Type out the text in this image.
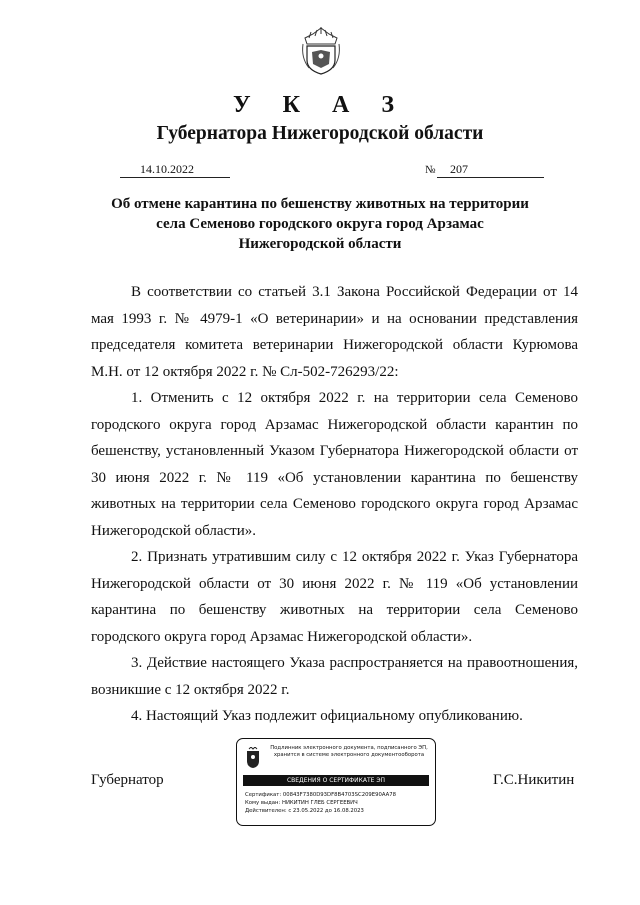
У К А З
Губернатора Нижегородской области
14.10.2022	№ 207
Об отмене карантина по бешенству животных на территории
села Семеново городского округа город Арзамас
Нижегородской области

В соответствии со статьей 3.1 Закона Российской Федерации от 14 мая 1993 г. № 4979-1 «О ветеринарии» и на основании представления председателя комитета ветеринарии Нижегородской области Курюмова М.Н. от 12 октября 2022 г. № Сл-502-726293/22:

1. Отменить с 12 октября 2022 г. на территории села Семеново городского округа город Арзамас Нижегородской области карантин по бешенству, установленный Указом Губернатора Нижегородской области от 30 июня 2022 г. № 119 «Об установлении карантина по бешенству животных на территории села Семеново городского округа город Арзамас Нижегородской области».

2. Признать утратившим силу с 12 октября 2022 г. Указ Губернатора Нижегородской области от 30 июня 2022 г. № 119 «Об установлении карантина по бешенству животных на территории села Семеново городского округа город Арзамас Нижегородской области».

3. Действие настоящего Указа распространяется на правоотношения, возникшие с 12 октября 2022 г.

4. Настоящий Указ подлежит официальному опубликованию.

Губернатор	Г.С.Никитин
Подлинник электронного документа, подписанного ЭП,
хранится в системе электронного документооборота
СВЕДЕНИЯ О СЕРТИФИКАТЕ ЭП
Сертификат: 00843F7380D93DF8B4703SC209E90AA78
Кому выдан: НИКИТИН ГЛЕБ СЕРГЕЕВИЧ
Действителен: с 23.05.2022 до 16.08.2023
